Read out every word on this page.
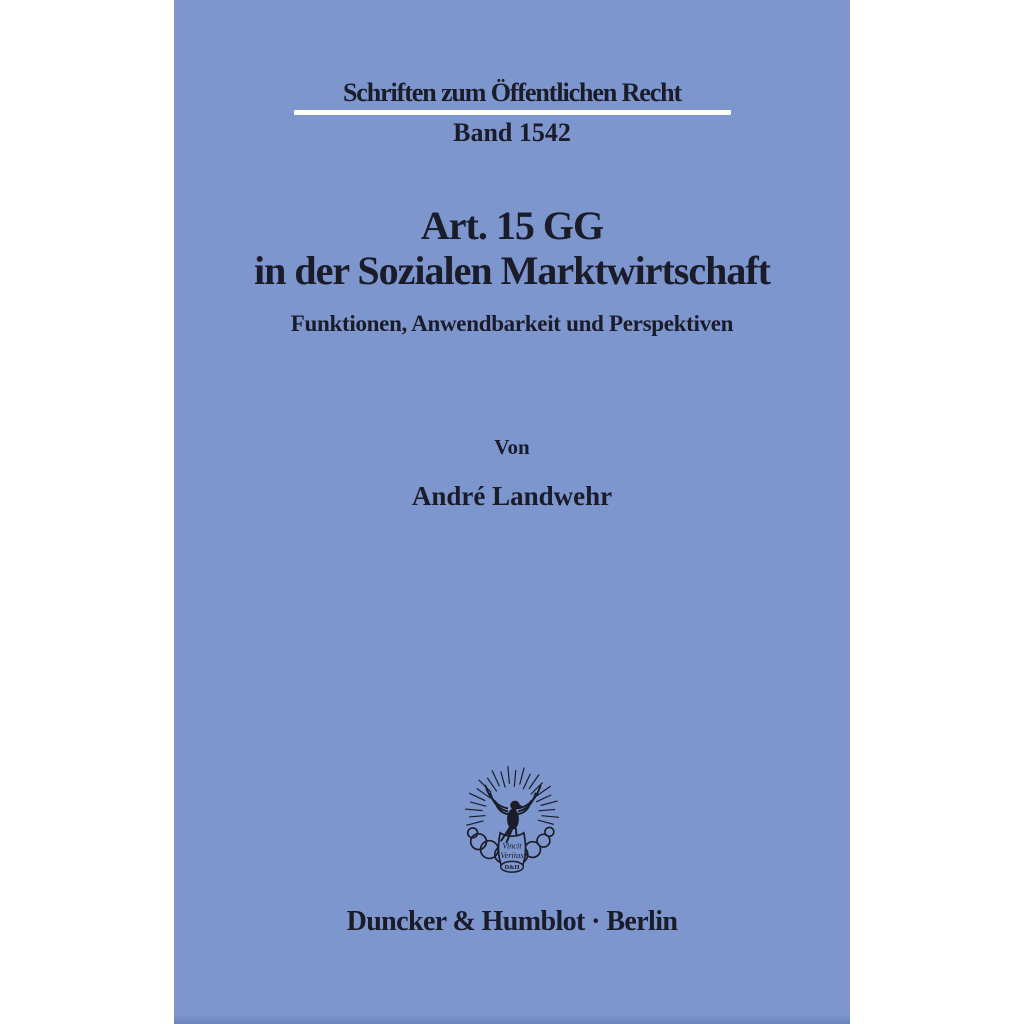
Schriften zum Öffentlichen Recht
Band 1542
Art. 15 GG
in der Sozialen Marktwirtschaft
Funktionen, Anwendbarkeit und Perspektiven
Von
André Landwehr
Vincit
Veritas
D&H
Duncker & Humblot · Berlin
